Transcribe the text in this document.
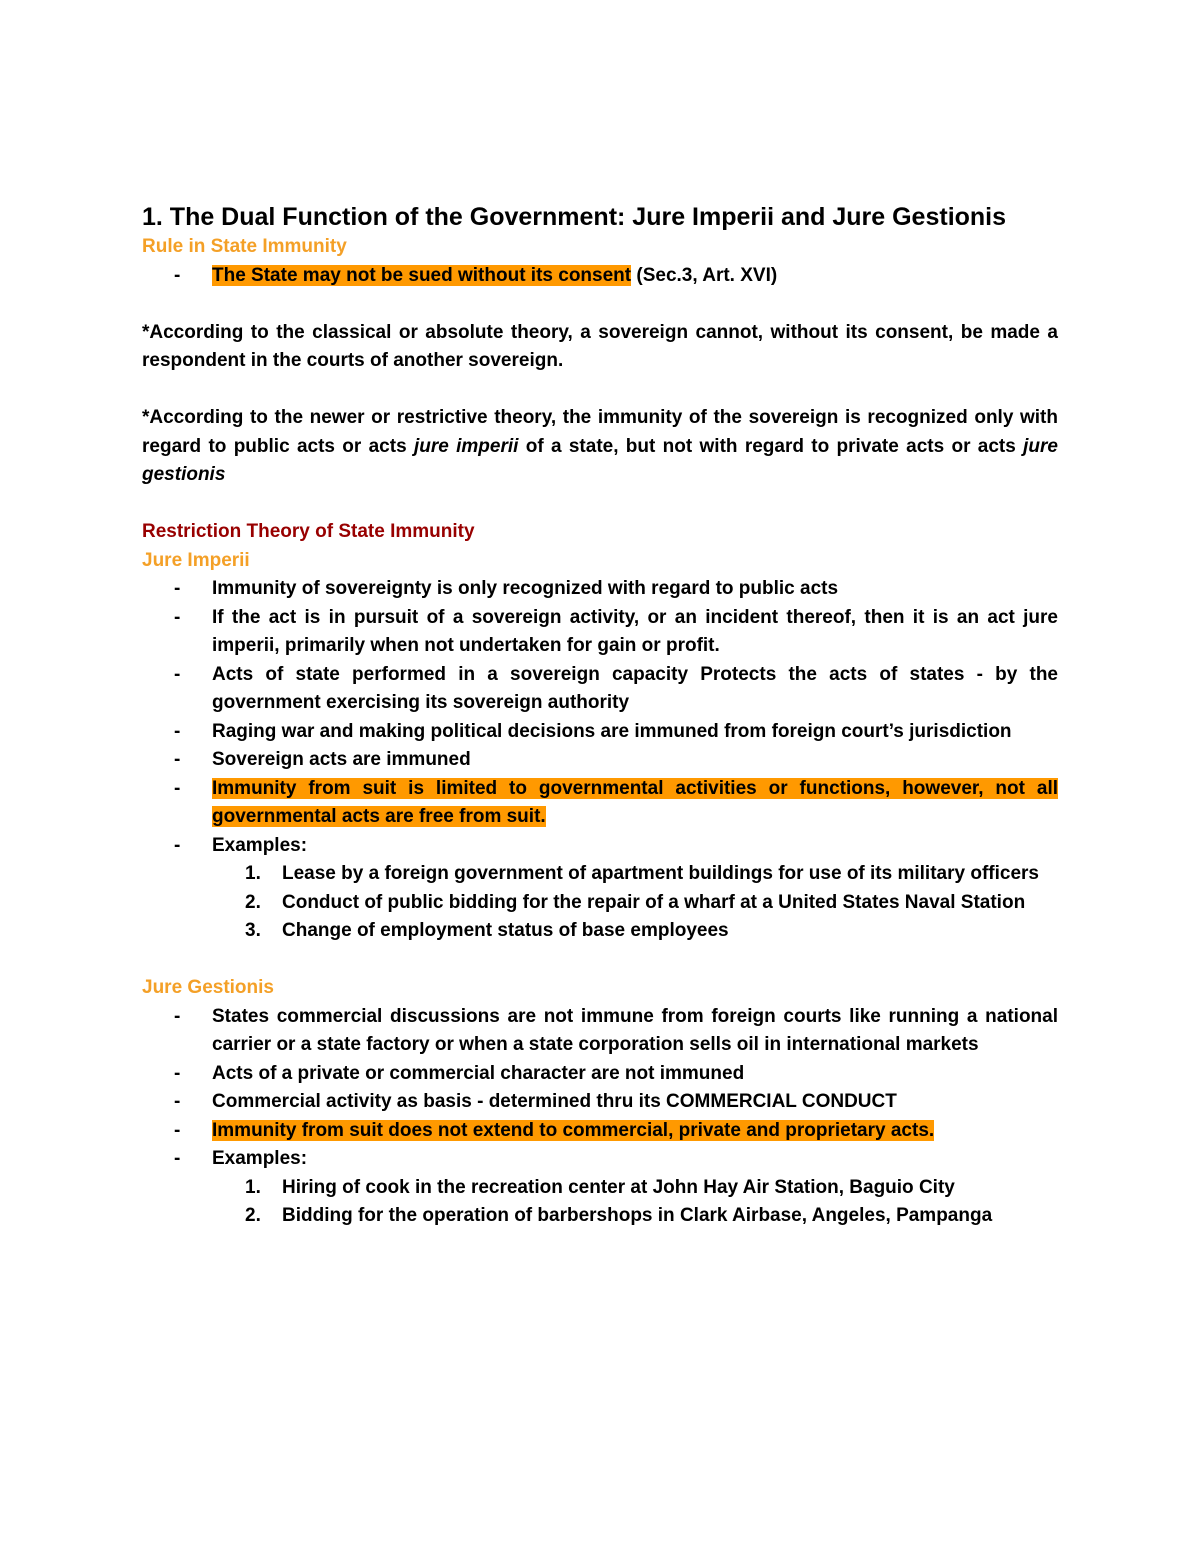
1. The Dual Function of the Government: Jure Imperii and Jure Gestionis
Rule in State Immunity
- The State may not be sued without its consent (Sec.3, Art. XVI)

*According to the classical or absolute theory, a sovereign cannot, without its consent, be made a respondent in the courts of another sovereign.

*According to the newer or restrictive theory, the immunity of the sovereign is recognized only with regard to public acts or acts jure imperii of a state, but not with regard to private acts or acts jure gestionis

Restriction Theory of State Immunity
Jure Imperii
- Immunity of sovereignty is only recognized with regard to public acts
- If the act is in pursuit of a sovereign activity, or an incident thereof, then it is an act jure imperii, primarily when not undertaken for gain or profit.
- Acts of state performed in a sovereign capacity Protects the acts of states - by the government exercising its sovereign authority
- Raging war and making political decisions are immuned from foreign court’s jurisdiction
- Sovereign acts are immuned
- Immunity from suit is limited to governmental activities or functions, however, not all governmental acts are free from suit.
- Examples:
1. Lease by a foreign government of apartment buildings for use of its military officers
2. Conduct of public bidding for the repair of a wharf at a United States Naval Station
3. Change of employment status of base employees
Jure Gestionis
- States commercial discussions are not immune from foreign courts like running a national carrier or a state factory or when a state corporation sells oil in international markets
- Acts of a private or commercial character are not immuned
- Commercial activity as basis - determined thru its COMMERCIAL CONDUCT
- Immunity from suit does not extend to commercial, private and proprietary acts.
- Examples:
1. Hiring of cook in the recreation center at John Hay Air Station, Baguio City
2. Bidding for the operation of barbershops in Clark Airbase, Angeles, Pampanga
